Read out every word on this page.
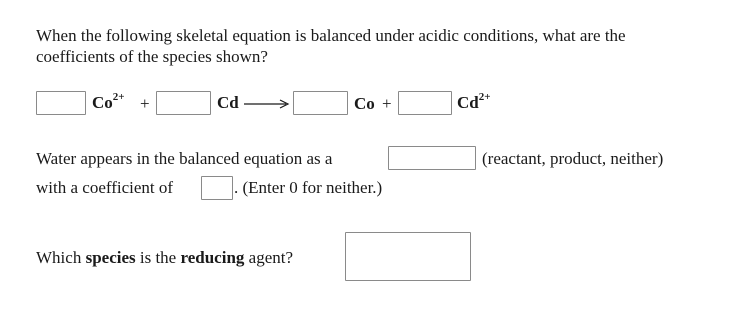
When the following skeletal equation is balanced under acidic conditions, what are the
coefficients of the species shown?
$Co^{2+}$ +	Cd →	Co +	$Cd^{2+}$
Water appears in the balanced equation as a	(reactant, product, neither)
with a coefficient of	. (Enter 0 for neither.)
Which species is the reducing agent?
